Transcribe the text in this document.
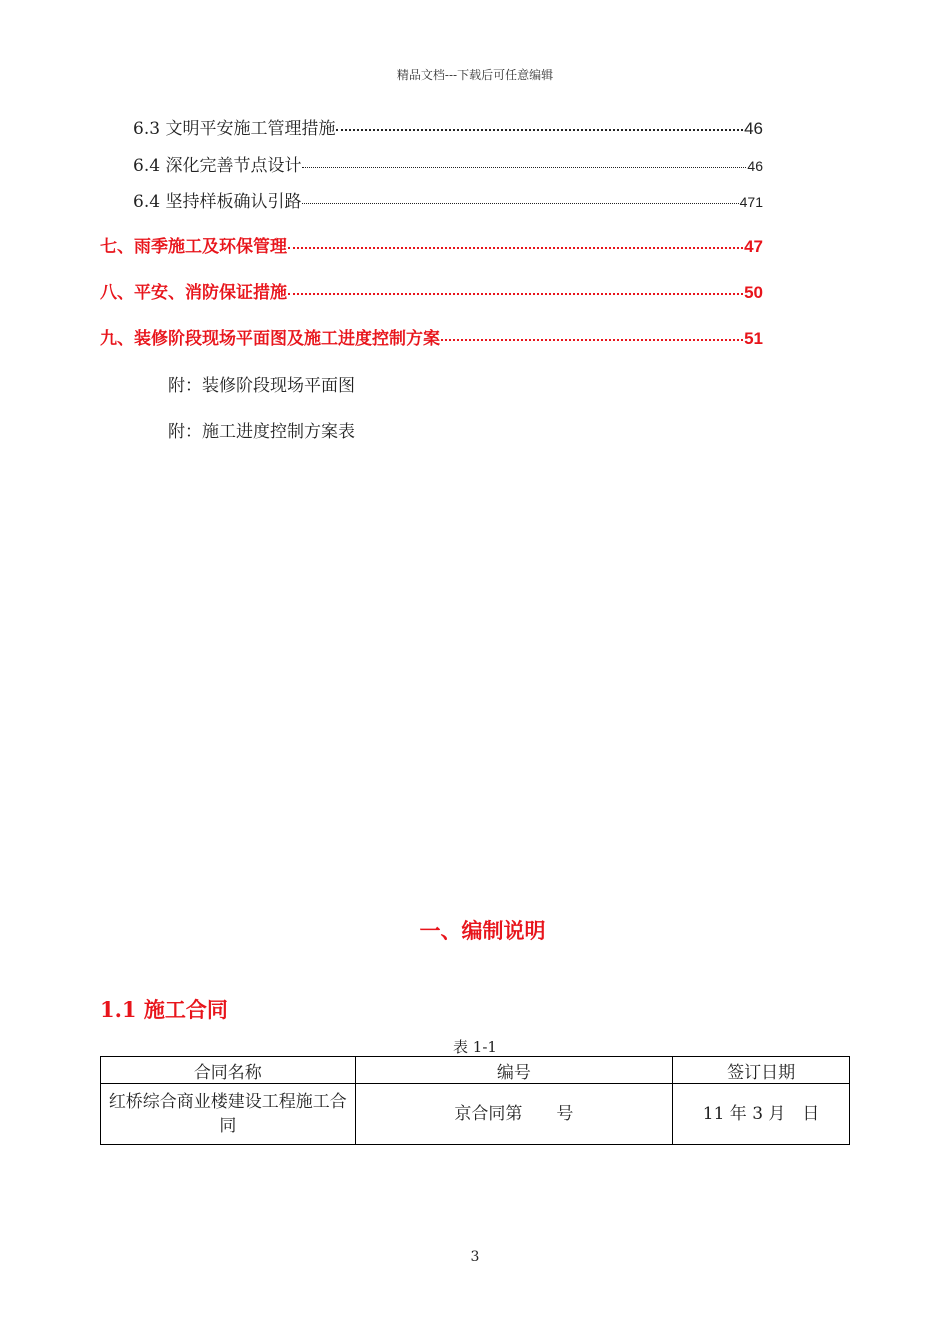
精品文档---下载后可任意编辑
6.3 文明平安施工管理措施	46
6.4 深化完善节点设计	46
6.4 坚持样板确认引路	471
七、雨季施工及环保管理	47
八、平安、消防保证措施	50
九、装修阶段现场平面图及施工进度控制方案	51
附：装修阶段现场平面图
附：施工进度控制方案表
一、编制说明
1.1 施工合同
表 1-1
合同名称	编号	签订日期
红桥综合商业楼建设工程施工合同	京合同第　　号	11 年 3 月　日
3
